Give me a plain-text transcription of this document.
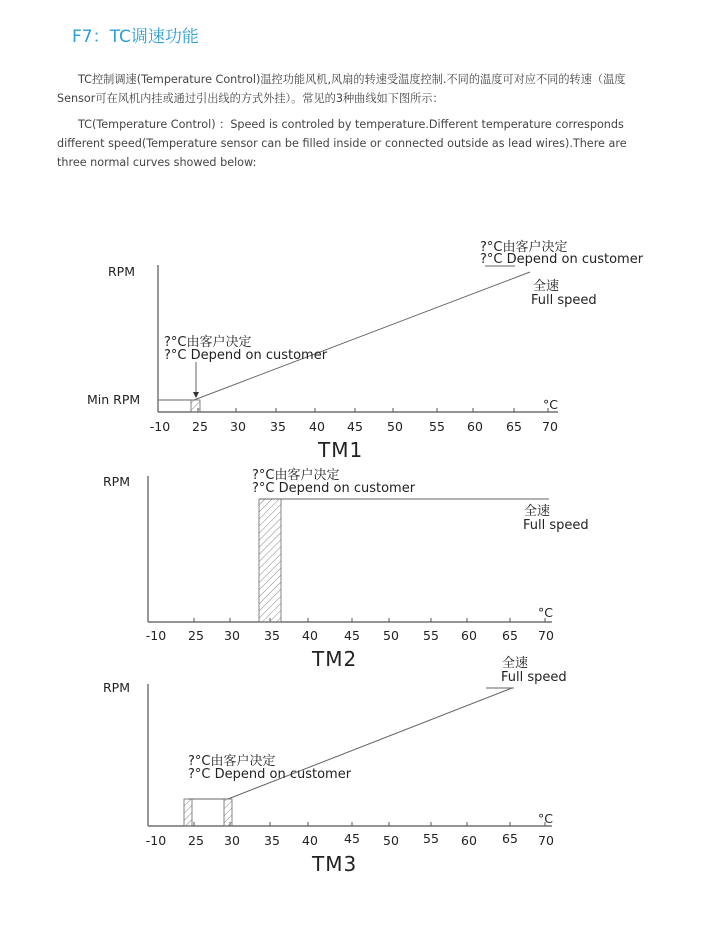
F7：TC调速功能
TC控制调速(Temperature Control)温控功能风机,风扇的转速受温度控制.不同的温度可对应不同的转速（温度
Sensor可在风机内挂或通过引出线的方式外挂）。常见的3种曲线如下图所示：
TC(Temperature Control) ：Speed is controled by temperature.Different temperature corresponds
different speed(Temperature sensor can be filled inside or connected outside as lead wires).There are
three normal curves showed below:
-10 25 30 35 40 45 50 55 60 65 70
RPM
Min RPM	°C
?°C由客户决定
?°C Depend on customer
全速
Full speed
?°C由客户决定
?°C Depend on customer
TM1
-10 25 30 35 40 45 50 55 60 65 70
RPM
°C
?°C由客户决定
?°C Depend on customer
全速
Full speed
TM2
-10 25 30 35 40 45 50 55 60 65 70
RPM
°C
?°C由客户决定
?°C Depend on customer
全速
Full speed
TM3
